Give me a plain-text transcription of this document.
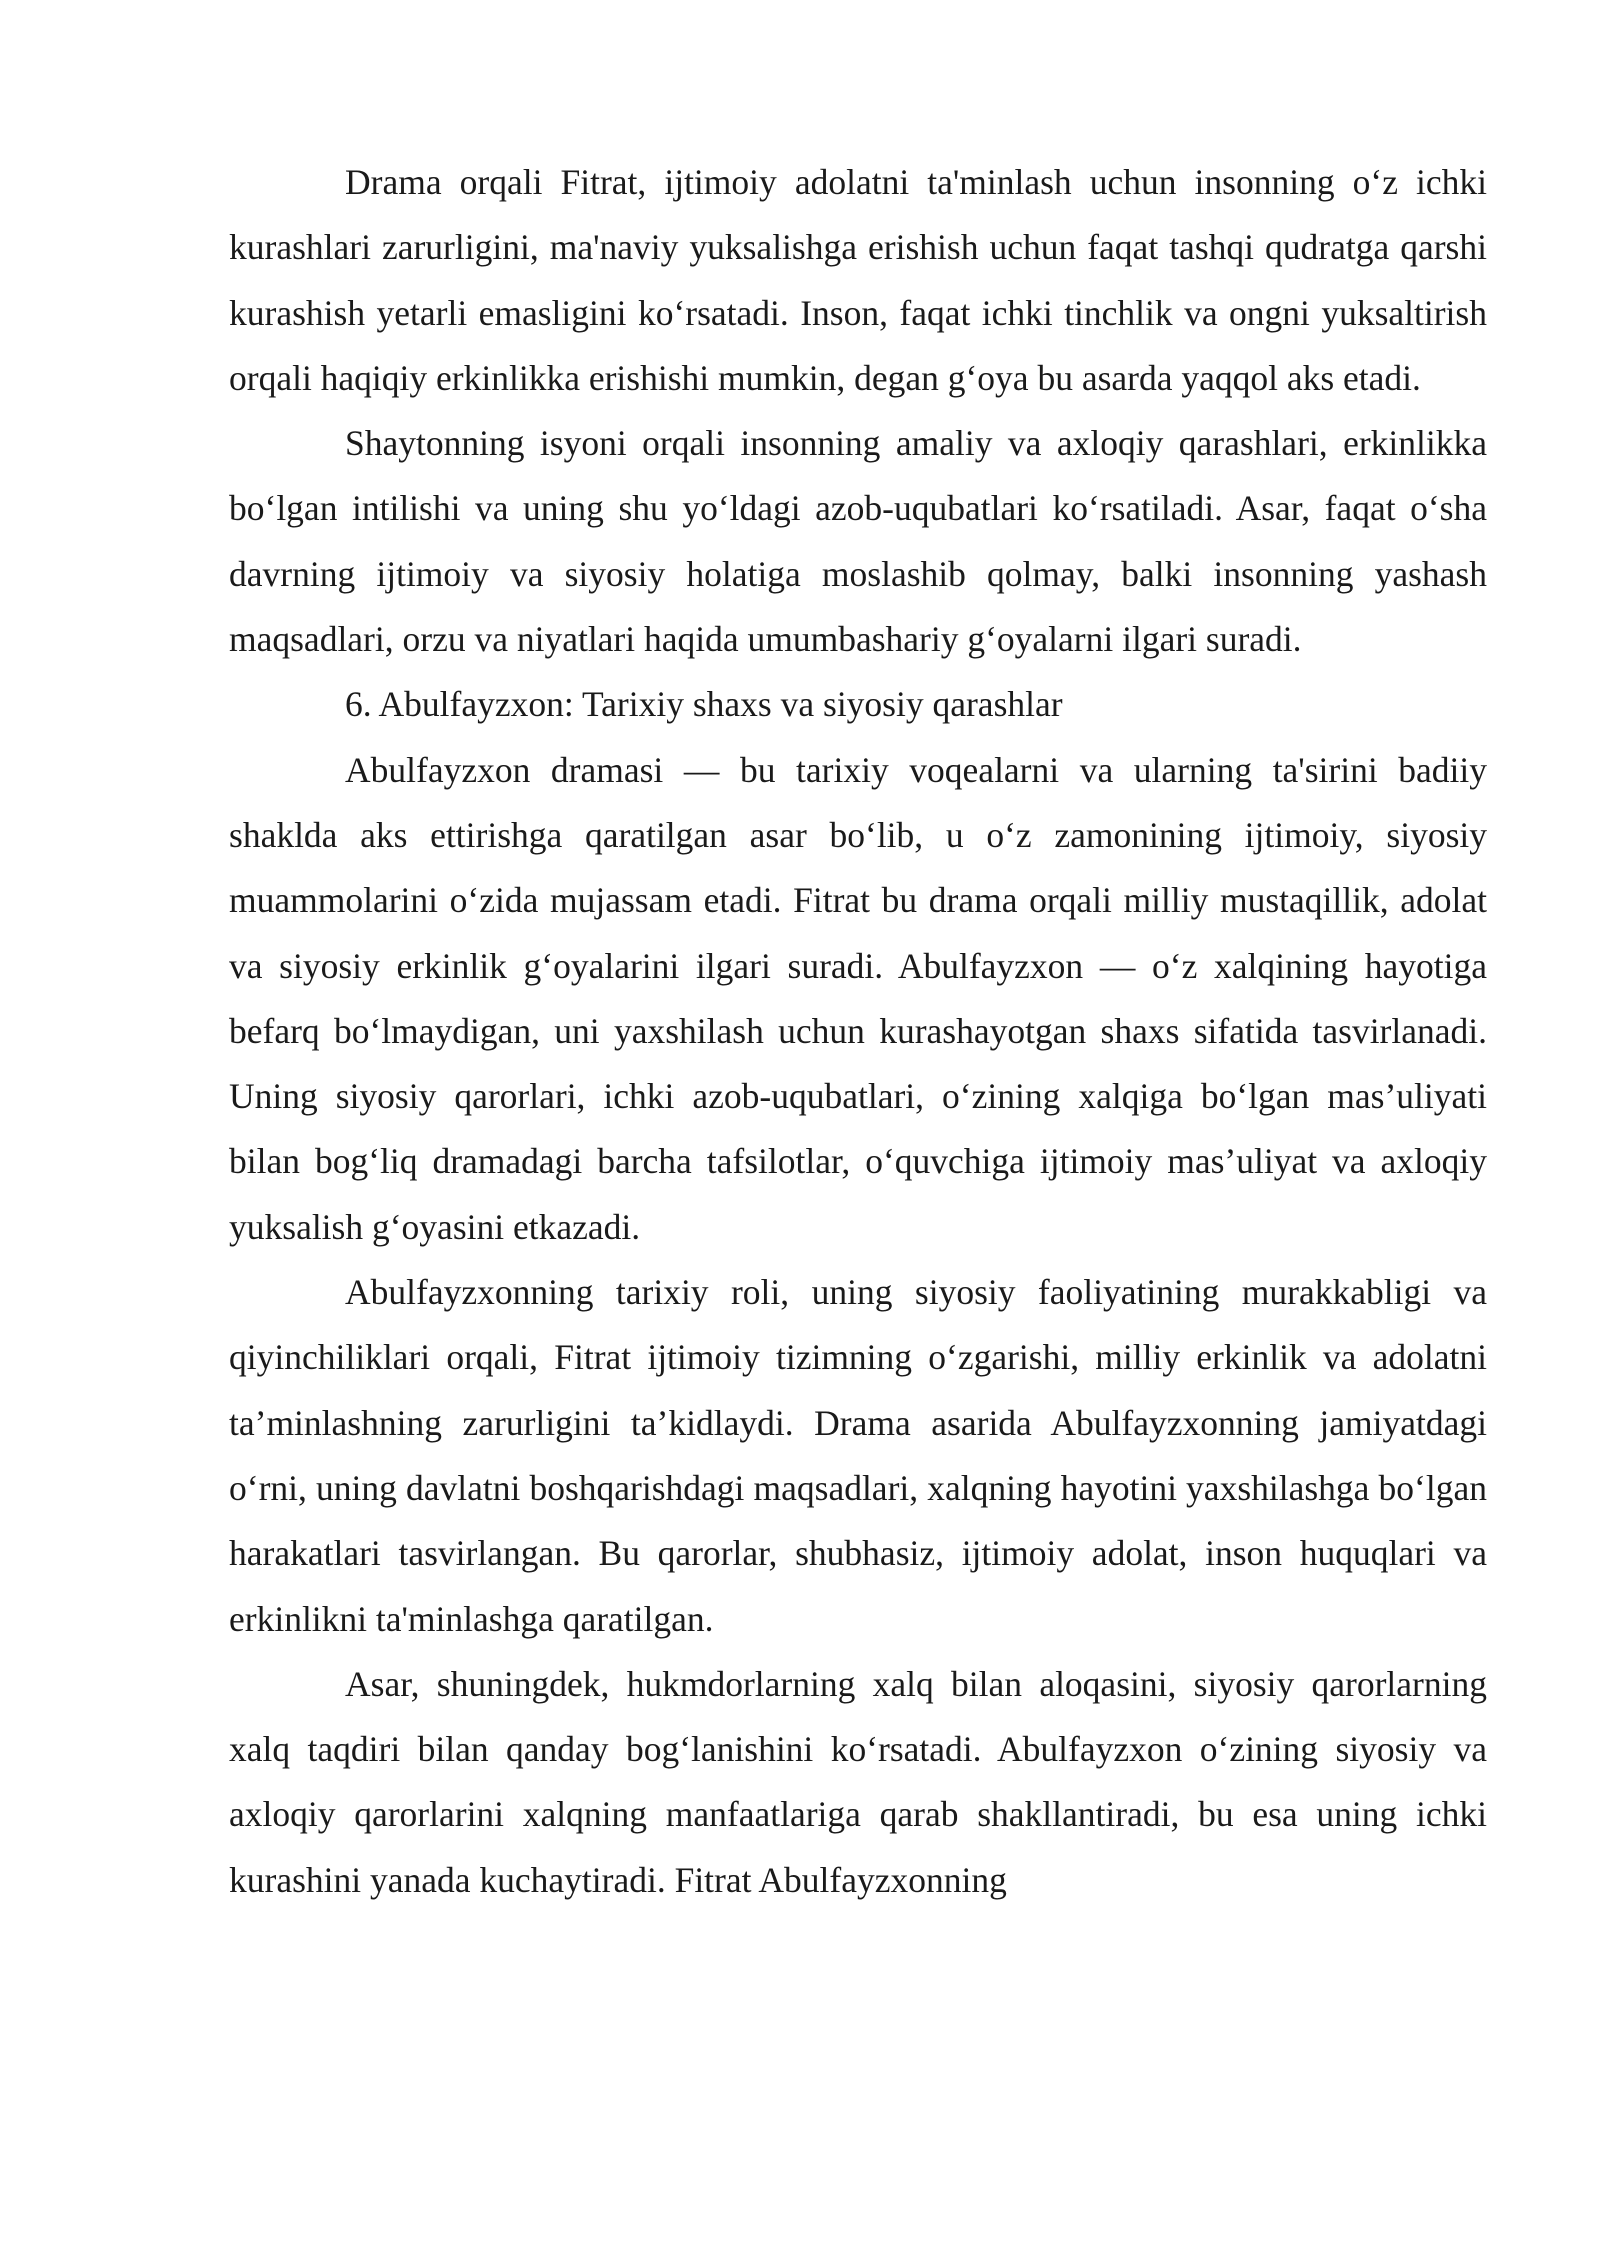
Drama orqali Fitrat, ijtimoiy adolatni ta'minlash uchun insonning o‘z ichki kurashlari zarurligini, ma'naviy yuksalishga erishish uchun faqat tashqi qudratga qarshi kurashish yetarli emasligini ko‘rsatadi. Inson, faqat ichki tinchlik va ongni yuksaltirish orqali haqiqiy erkinlikka erishishi mumkin, degan g‘oya bu asarda yaqqol aks etadi.

Shaytonning isyoni orqali insonning amaliy va axloqiy qarashlari, erkinlikka bo‘lgan intilishi va uning shu yo‘ldagi azob-uqubatlari ko‘rsatiladi. Asar, faqat o‘sha davrning ijtimoiy va siyosiy holatiga moslashib qolmay, balki insonning yashash maqsadlari, orzu va niyatlari haqida umumbashariy g‘oyalarni ilgari suradi.

6. Abulfayzxon: Tarixiy shaxs va siyosiy qarashlar

Abulfayzxon dramasi — bu tarixiy voqealarni va ularning ta'sirini badiiy shaklda aks ettirishga qaratilgan asar bo‘lib, u o‘z zamonining ijtimoiy, siyosiy muammolarini o‘zida mujassam etadi. Fitrat bu drama orqali milliy mustaqillik, adolat va siyosiy erkinlik g‘oyalarini ilgari suradi. Abulfayzxon — o‘z xalqining hayotiga befarq bo‘lmaydigan, uni yaxshilash uchun kurashayotgan shaxs sifatida tasvirlanadi. Uning siyosiy qarorlari, ichki azob-uqubatlari, o‘zining xalqiga bo‘lgan mas’uliyati bilan bog‘liq dramadagi barcha tafsilotlar, o‘quvchiga ijtimoiy mas’uliyat va axloqiy yuksalish g‘oyasini etkazadi.

Abulfayzxonning tarixiy roli, uning siyosiy faoliyatining murakkabligi va qiyinchiliklari orqali, Fitrat ijtimoiy tizimning o‘zgarishi, milliy erkinlik va adolatni ta’minlashning zarurligini ta’kidlaydi. Drama asarida Abulfayzxonning jamiyatdagi o‘rni, uning davlatni boshqarishdagi maqsadlari, xalqning hayotini yaxshilashga bo‘lgan harakatlari tasvirlangan. Bu qarorlar, shubhasiz, ijtimoiy adolat, inson huquqlari va erkinlikni ta'minlashga qaratilgan.

Asar, shuningdek, hukmdorlarning xalq bilan aloqasini, siyosiy qarorlarning xalq taqdiri bilan qanday bog‘lanishini ko‘rsatadi. Abulfayzxon o‘zining siyosiy va axloqiy qarorlarini xalqning manfaatlariga qarab shakllantiradi, bu esa uning ichki kurashini yanada kuchaytiradi. Fitrat Abulfayzxonning
